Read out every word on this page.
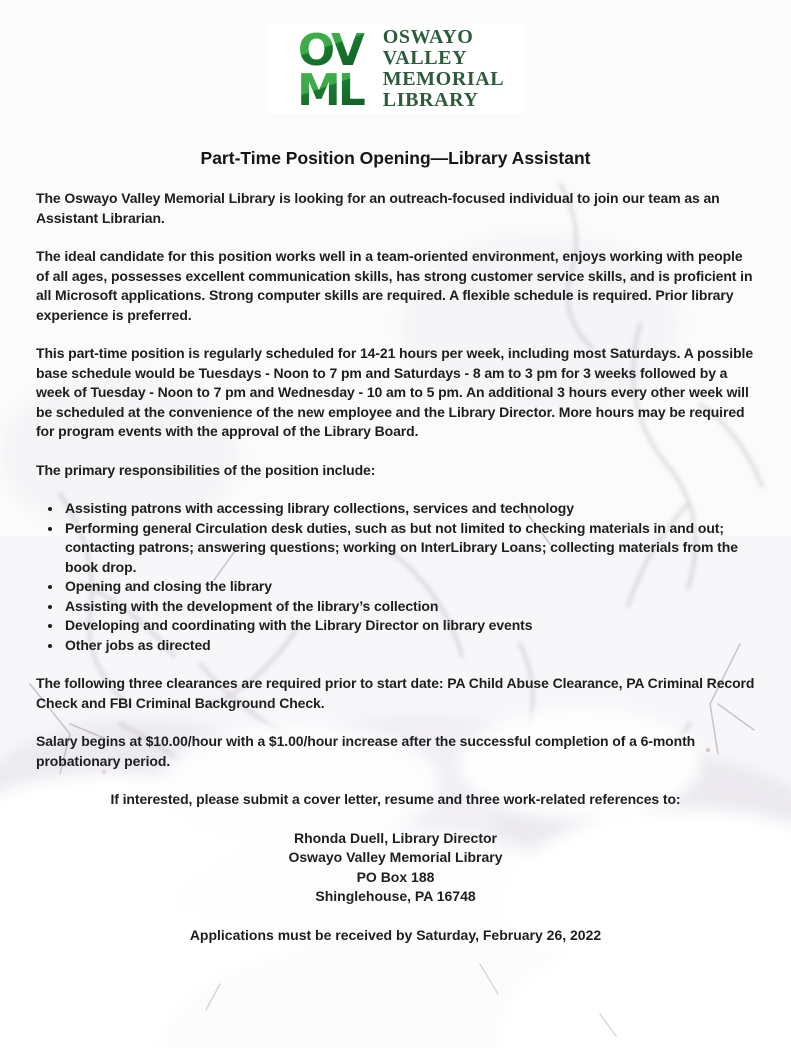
OV
ML
OSWAYO
VALLEY
MEMORIAL
LIBRARY
Part-Time Position Opening—Library Assistant

The Oswayo Valley Memorial Library is looking for an outreach-focused individual to join our team as an Assistant Librarian.

The ideal candidate for this position works well in a team-oriented environment, enjoys working with people of all ages, possesses excellent communication skills, has strong customer service skills, and is proficient in all Microsoft applications. Strong computer skills are required. A flexible schedule is required. Prior library experience is preferred.

This part-time position is regularly scheduled for 14-21 hours per week, including most Saturdays. A possible base schedule would be Tuesdays - Noon to 7 pm and Saturdays - 8 am to 3 pm for 3 weeks followed by a week of Tuesday - Noon to 7 pm and Wednesday - 10 am to 5 pm. An additional 3 hours every other week will be scheduled at the convenience of the new employee and the Library Director. More hours may be required for program events with the approval of the Library Board.

The primary responsibilities of the position include:

• Assisting patrons with accessing library collections, services and technology
• Performing general Circulation desk duties, such as but not limited to checking materials in and out; contacting patrons; answering questions; working on InterLibrary Loans; collecting materials from the book drop.
• Opening and closing the library
• Assisting with the development of the library’s collection
• Developing and coordinating with the Library Director on library events
• Other jobs as directed

The following three clearances are required prior to start date: PA Child Abuse Clearance, PA Criminal Record Check and FBI Criminal Background Check.

Salary begins at $10.00/hour with a $1.00/hour increase after the successful completion of a 6-month probationary period.

If interested, please submit a cover letter, resume and three work-related references to:

Rhonda Duell, Library Director
Oswayo Valley Memorial Library
PO Box 188
Shinglehouse, PA 16748

Applications must be received by Saturday, February 26, 2022
